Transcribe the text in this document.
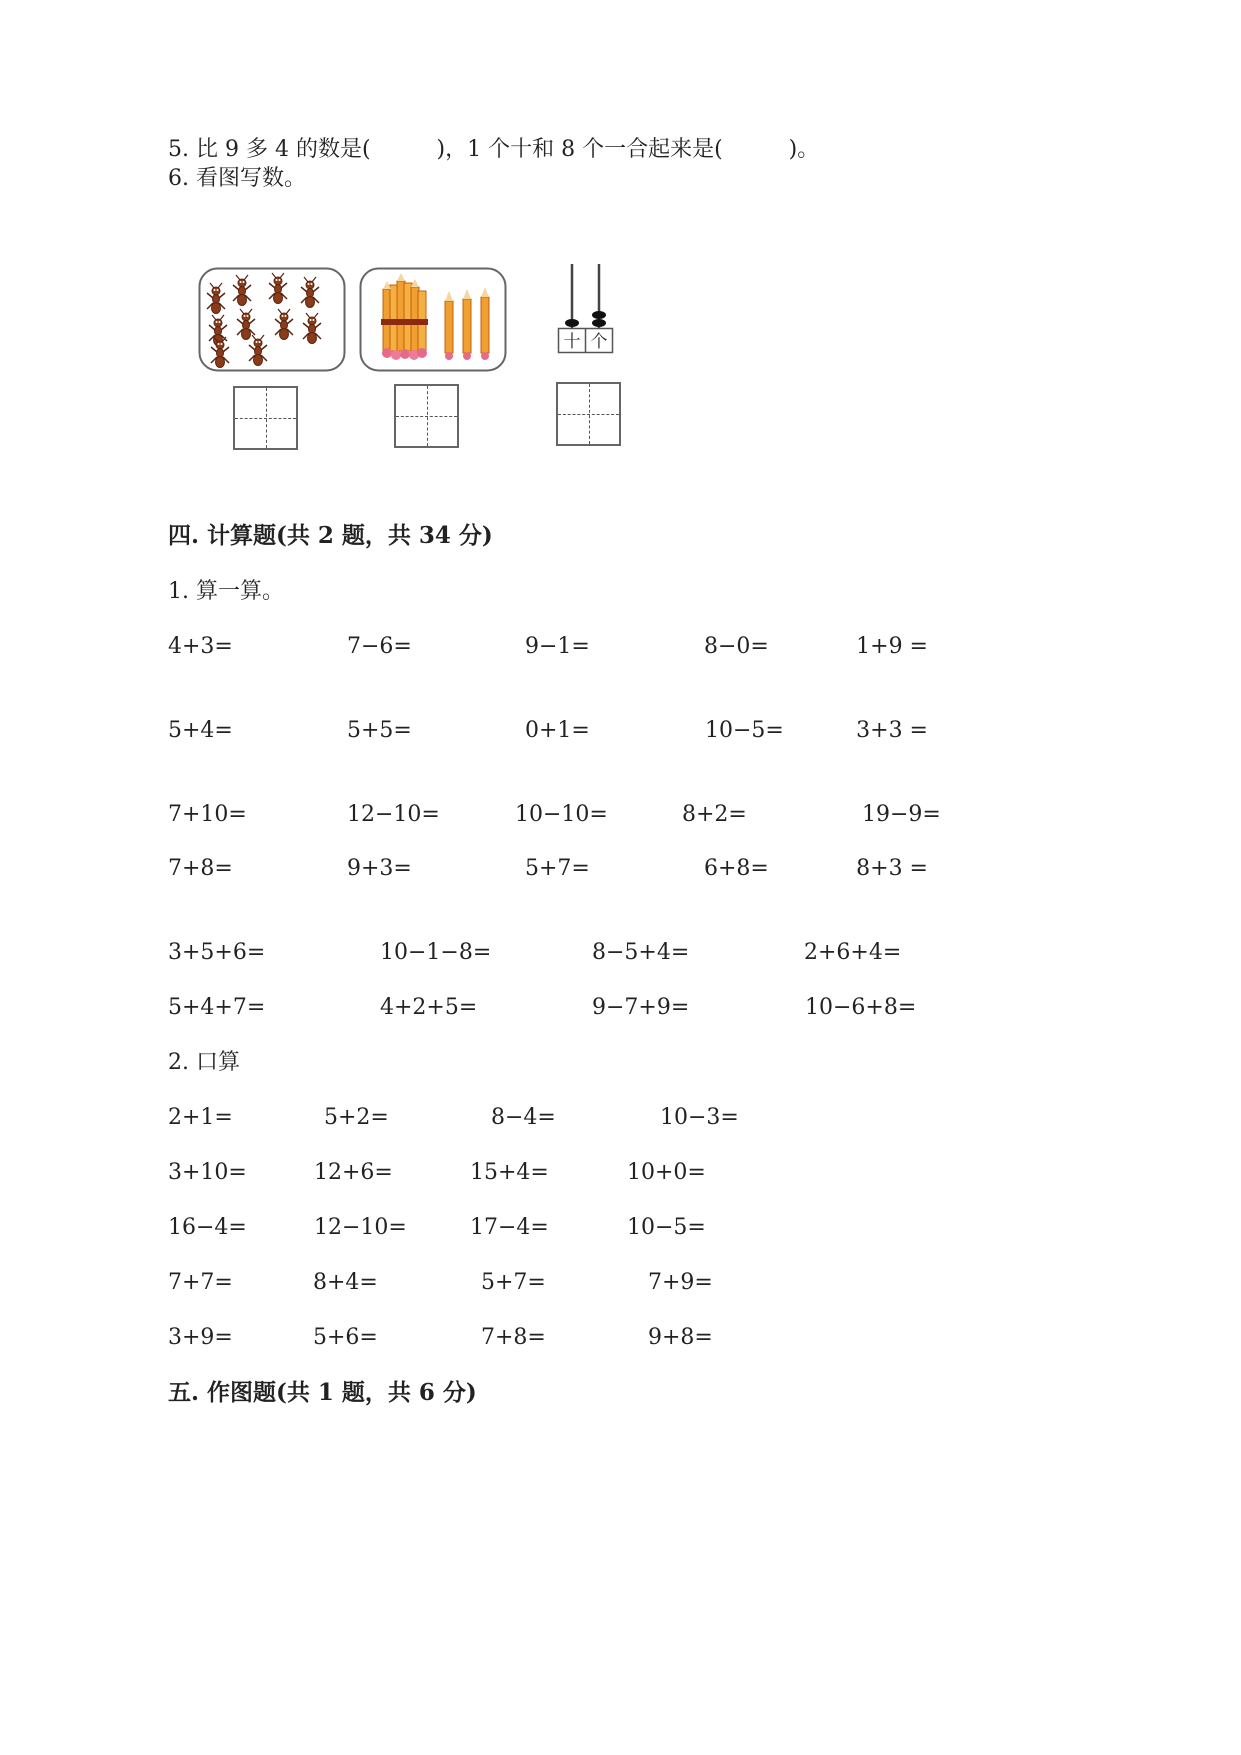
5. 比 9 多 4 的数是(　　　)，1 个十和 8 个一合起来是(　　　)。
6. 看图写数。
十 个
四. 计算题(共 2 题，共 34 分)
1. 算一算。
4+3=	7−6=	9−1=	8−0=	1+9 =
5+4=	5+5=	0+1=	10−5=	3+3 =
7+10=	12−10=	10−10=	8+2=	19−9=
7+8=	9+3=	5+7=	6+8=	8+3 =
3+5+6=	10−1−8=	8−5+4=	2+6+4=
5+4+7=	4+2+5=	9−7+9=	10−6+8=
2. 口算
2+1=	5+2=	8−4=	10−3=
3+10=	12+6=	15+4=	10+0=
16−4=	12−10=	17−4=	10−5=
7+7=	8+4=	5+7=	7+9=
3+9=	5+6=	7+8=	9+8=
五. 作图题(共 1 题，共 6 分)
